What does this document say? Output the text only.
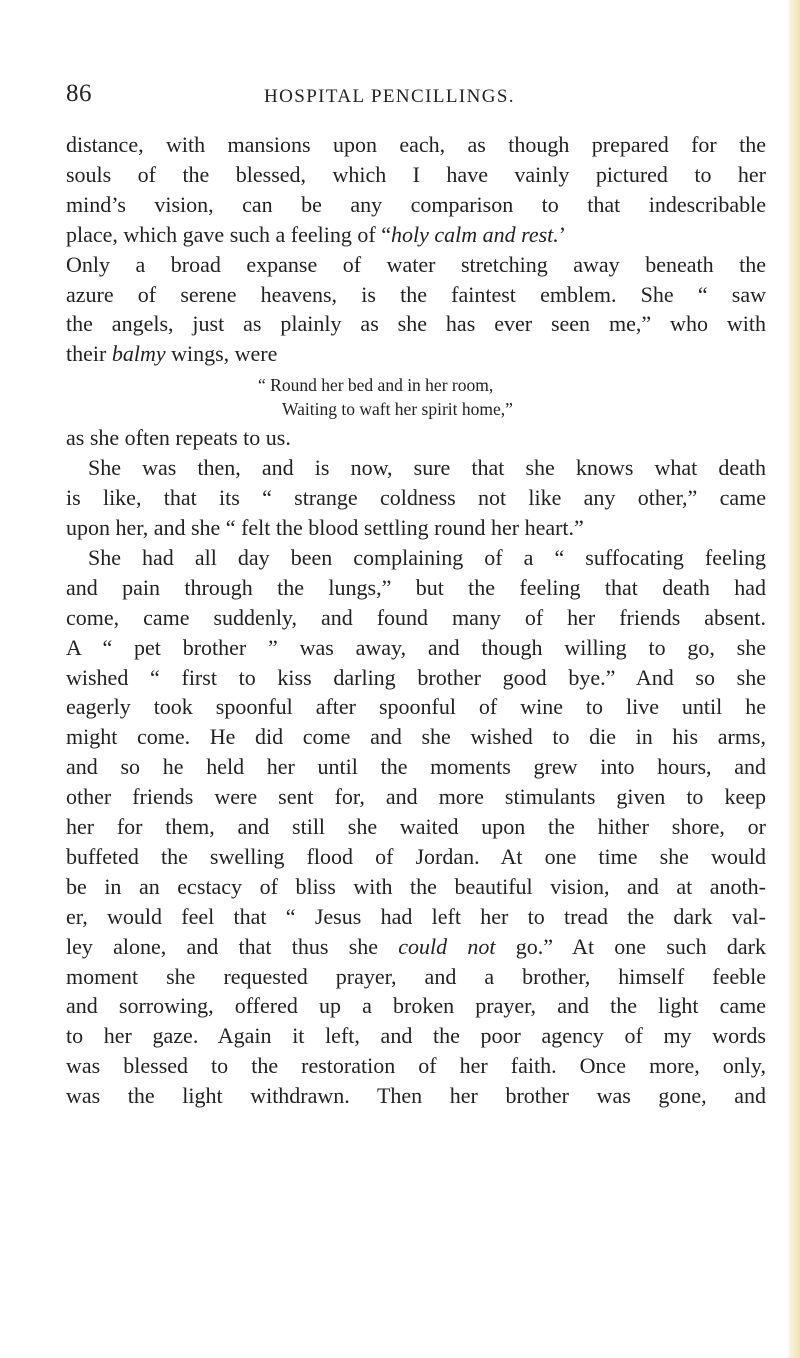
86	HOSPITAL PENCILLINGS.
distance, with mansions upon each, as though prepared for the
souls of the blessed, which I have vainly pictured to her
mind’s vision, can be any comparison to that indescribable
place, which gave such a feeling of “holy calm and rest.’
Only a broad expanse of water stretching away beneath the
azure of serene heavens, is the faintest emblem. She “ saw
the angels, just as plainly as she has ever seen me,” who with
their balmy wings, were
“ Round her bed and in her room,
Waiting to waft her spirit home,”
as she often repeats to us.
She was then, and is now, sure that she knows what death
is like, that its “ strange coldness not like any other,” came
upon her, and she “ felt the blood settling round her heart.”
She had all day been complaining of a “ suffocating feeling
and pain through the lungs,” but the feeling that death had
come, came suddenly, and found many of her friends absent.
A “ pet brother ” was away, and though willing to go, she
wished “ first to kiss darling brother good bye.” And so she
eagerly took spoonful after spoonful of wine to live until he
might come. He did come and she wished to die in his arms,
and so he held her until the moments grew into hours, and
other friends were sent for, and more stimulants given to keep
her for them, and still she waited upon the hither shore, or
buffeted the swelling flood of Jordan. At one time she would
be in an ecstacy of bliss with the beautiful vision, and at anoth-
er, would feel that “ Jesus had left her to tread the dark val-
ley alone, and that thus she could not go.” At one such dark
moment she requested prayer, and a brother, himself feeble
and sorrowing, offered up a broken prayer, and the light came
to her gaze. Again it left, and the poor agency of my words
was blessed to the restoration of her faith. Once more, only,
was the light withdrawn. Then her brother was gone, and
